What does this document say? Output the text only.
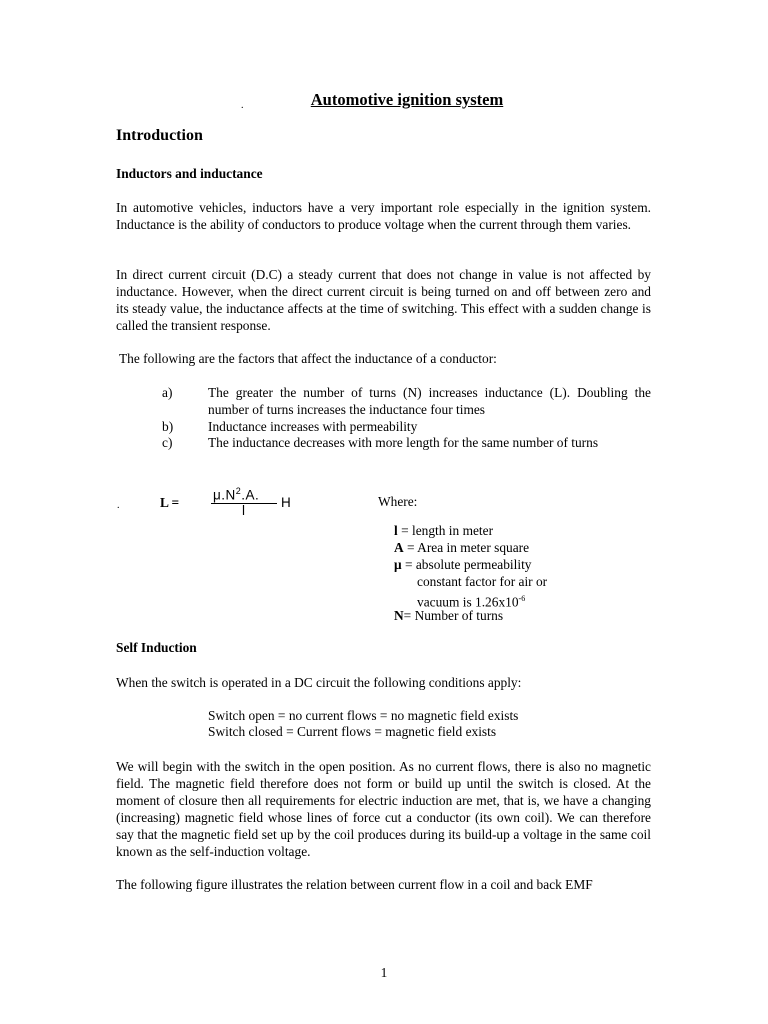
.	Automotive ignition system
Introduction
Inductors and inductance

In automotive vehicles, inductors have a very important role especially in the ignition system. Inductance is the ability of conductors to produce voltage when the current through them varies.

In direct current circuit (D.C) a steady current that does not change in value is not affected by inductance. However, when the direct current circuit is being turned on and off between zero and its steady value, the inductance affects at the time of switching. This effect with a sudden change is called the transient response.

The following are the factors that affect the inductance of a conductor:

a)	The greater the number of turns (N) increases inductance (L). Doubling the number of turns increases the inductance four times
b)	Inductance increases with permeability
c)	The inductance decreases with more length for the same number of turns
.	L =	$\mu.N^2.A$.
l
H	Where:
l = length in meter
A = Area in meter square
μ = absolute permeability
constant factor for air or
vacuum is $1.26x10^{-6}$
N= Number of turns
Self Induction

When the switch is operated in a DC circuit the following conditions apply:

Switch open = no current flows = no magnetic field exists
Switch closed = Current flows = magnetic field exists

We will begin with the switch in the open position. As no current flows, there is also no magnetic field. The magnetic field therefore does not form or build up until the switch is closed. At the moment of closure then all requirements for electric induction are met, that is, we have a changing (increasing) magnetic field whose lines of force cut a conductor (its own coil). We can therefore say that the magnetic field set up by the coil produces during its build-up a voltage in the same coil known as the self-induction voltage.

The following figure illustrates the relation between current flow in a coil and back EMF

1
